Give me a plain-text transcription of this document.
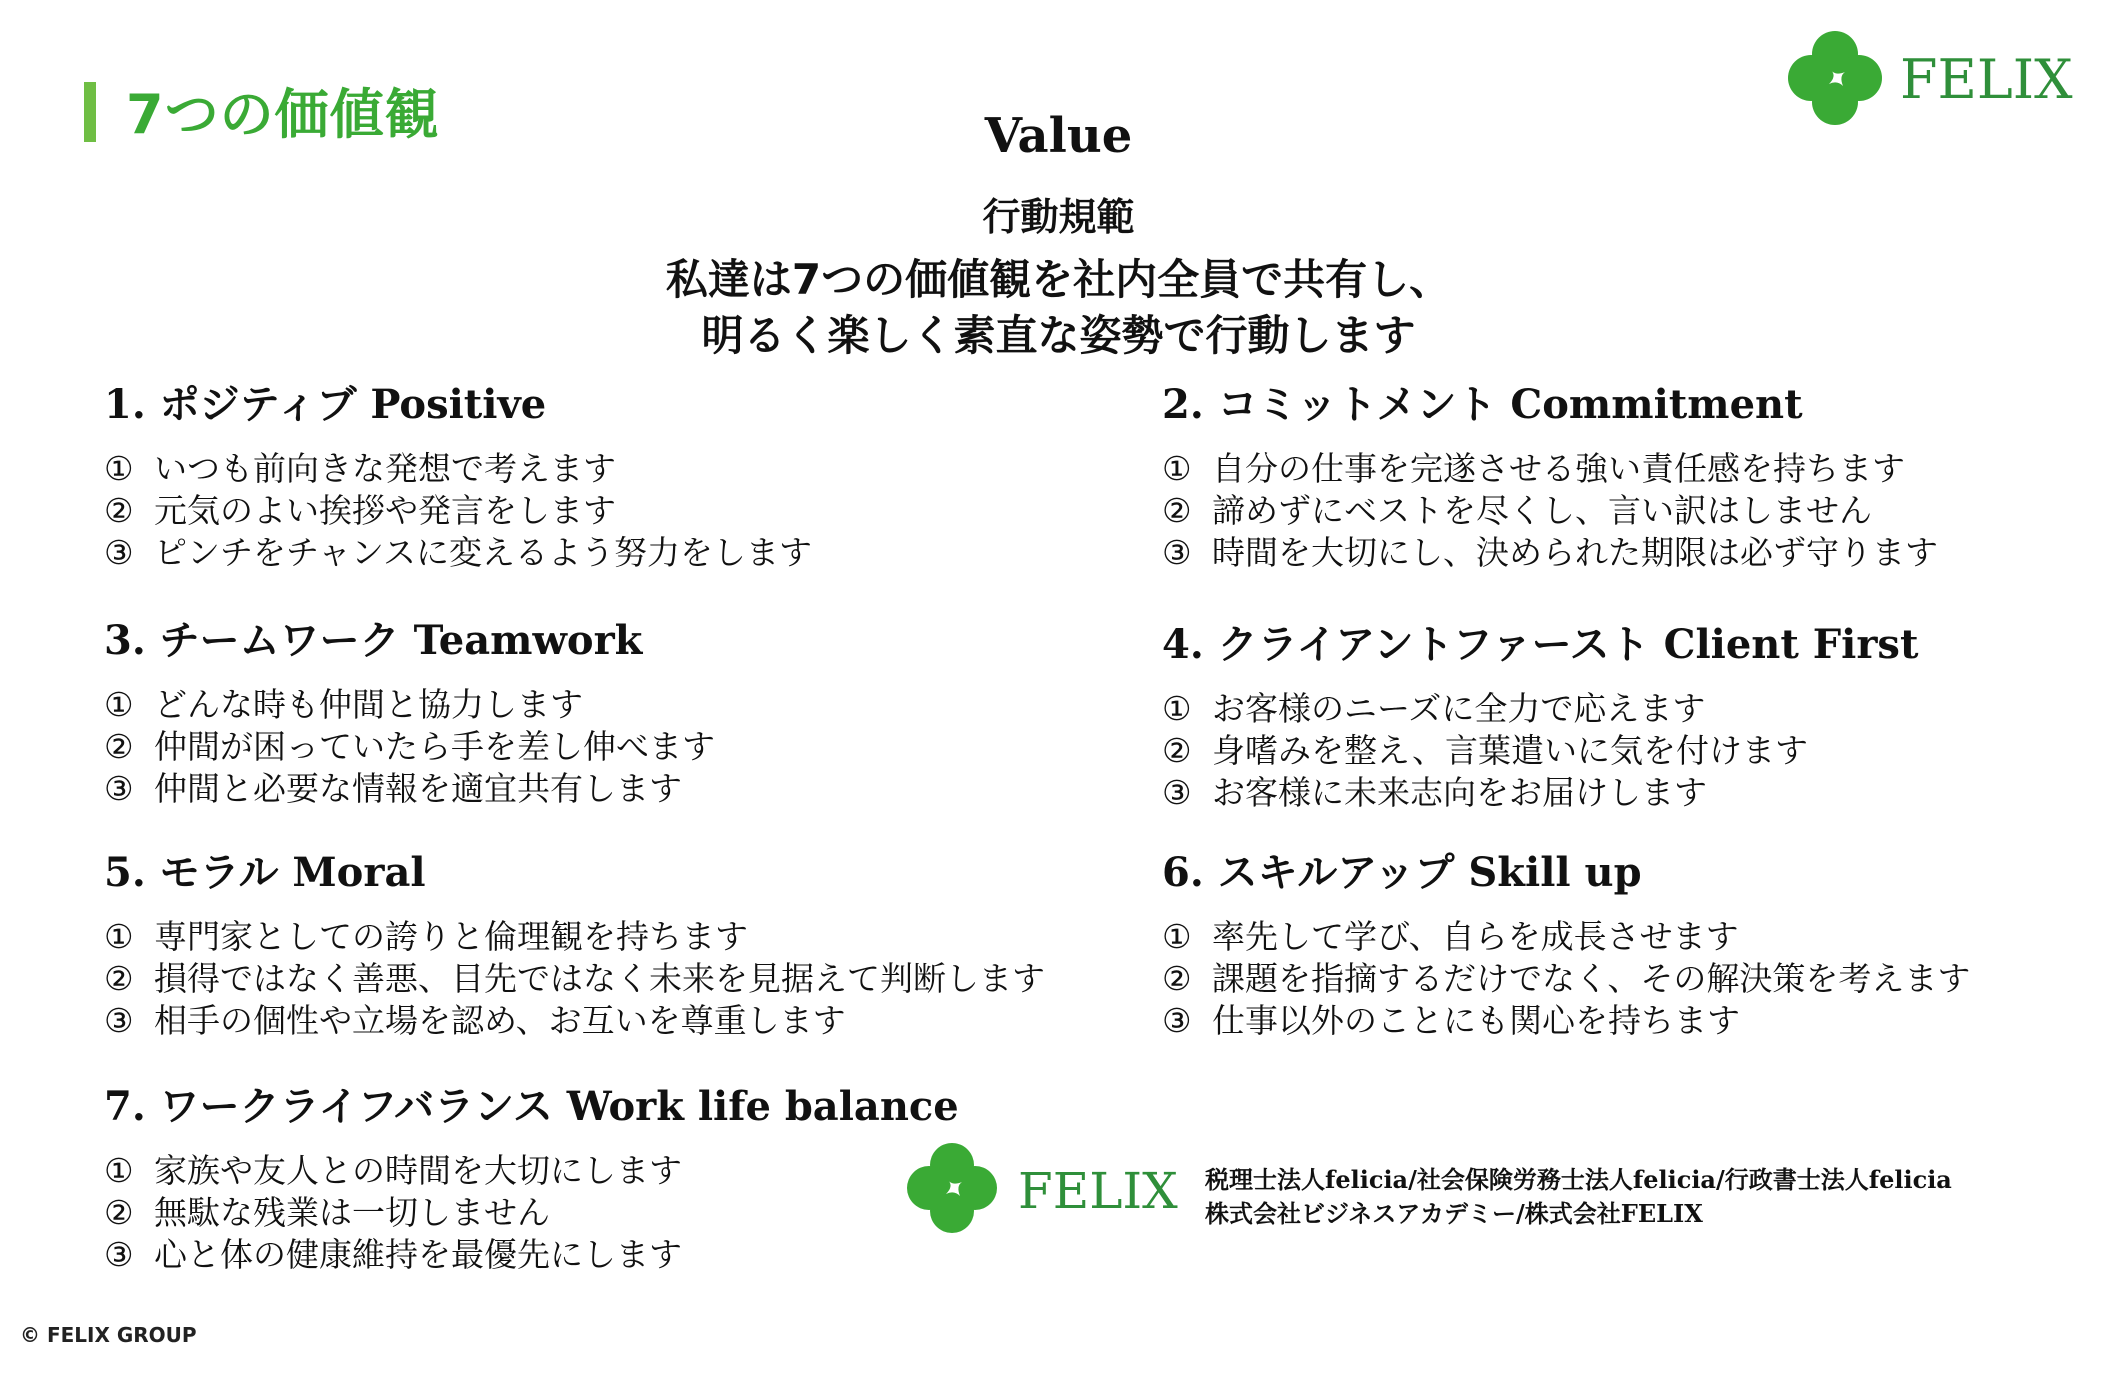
7つの価値観
FELIX
Value
行動規範
私達は7つの価値観を社内全員で共有し、
明るく楽しく素直な姿勢で行動します
1. ポジティブ Positive
① いつも前向きな発想で考えます
② 元気のよい挨拶や発言をします
③ ピンチをチャンスに変えるよう努力をします
2. コミットメント Commitment
① 自分の仕事を完遂させる強い責任感を持ちます
② 諦めずにベストを尽くし、言い訳はしません
③ 時間を大切にし、決められた期限は必ず守ります
3. チームワーク Teamwork
① どんな時も仲間と協力します
② 仲間が困っていたら手を差し伸べます
③ 仲間と必要な情報を適宜共有します
4. クライアントファースト Client First
① お客様のニーズに全力で応えます
② 身嗜みを整え、言葉遣いに気を付けます
③ お客様に未来志向をお届けします
5. モラル Moral
① 専門家としての誇りと倫理観を持ちます
② 損得ではなく善悪、目先ではなく未来を見据えて判断します
③ 相手の個性や立場を認め、お互いを尊重します
6. スキルアップ Skill up
① 率先して学び、自らを成長させます
② 課題を指摘するだけでなく、その解決策を考えます
③ 仕事以外のことにも関心を持ちます
7. ワークライフバランス Work life balance
① 家族や友人との時間を大切にします
② 無駄な残業は一切しません
③ 心と体の健康維持を最優先にします
FELIX 税理士法人felicia/社会保険労務士法人felicia/行政書士法人felicia
株式会社ビジネスアカデミー/株式会社FELIX
© FELIX GROUP
